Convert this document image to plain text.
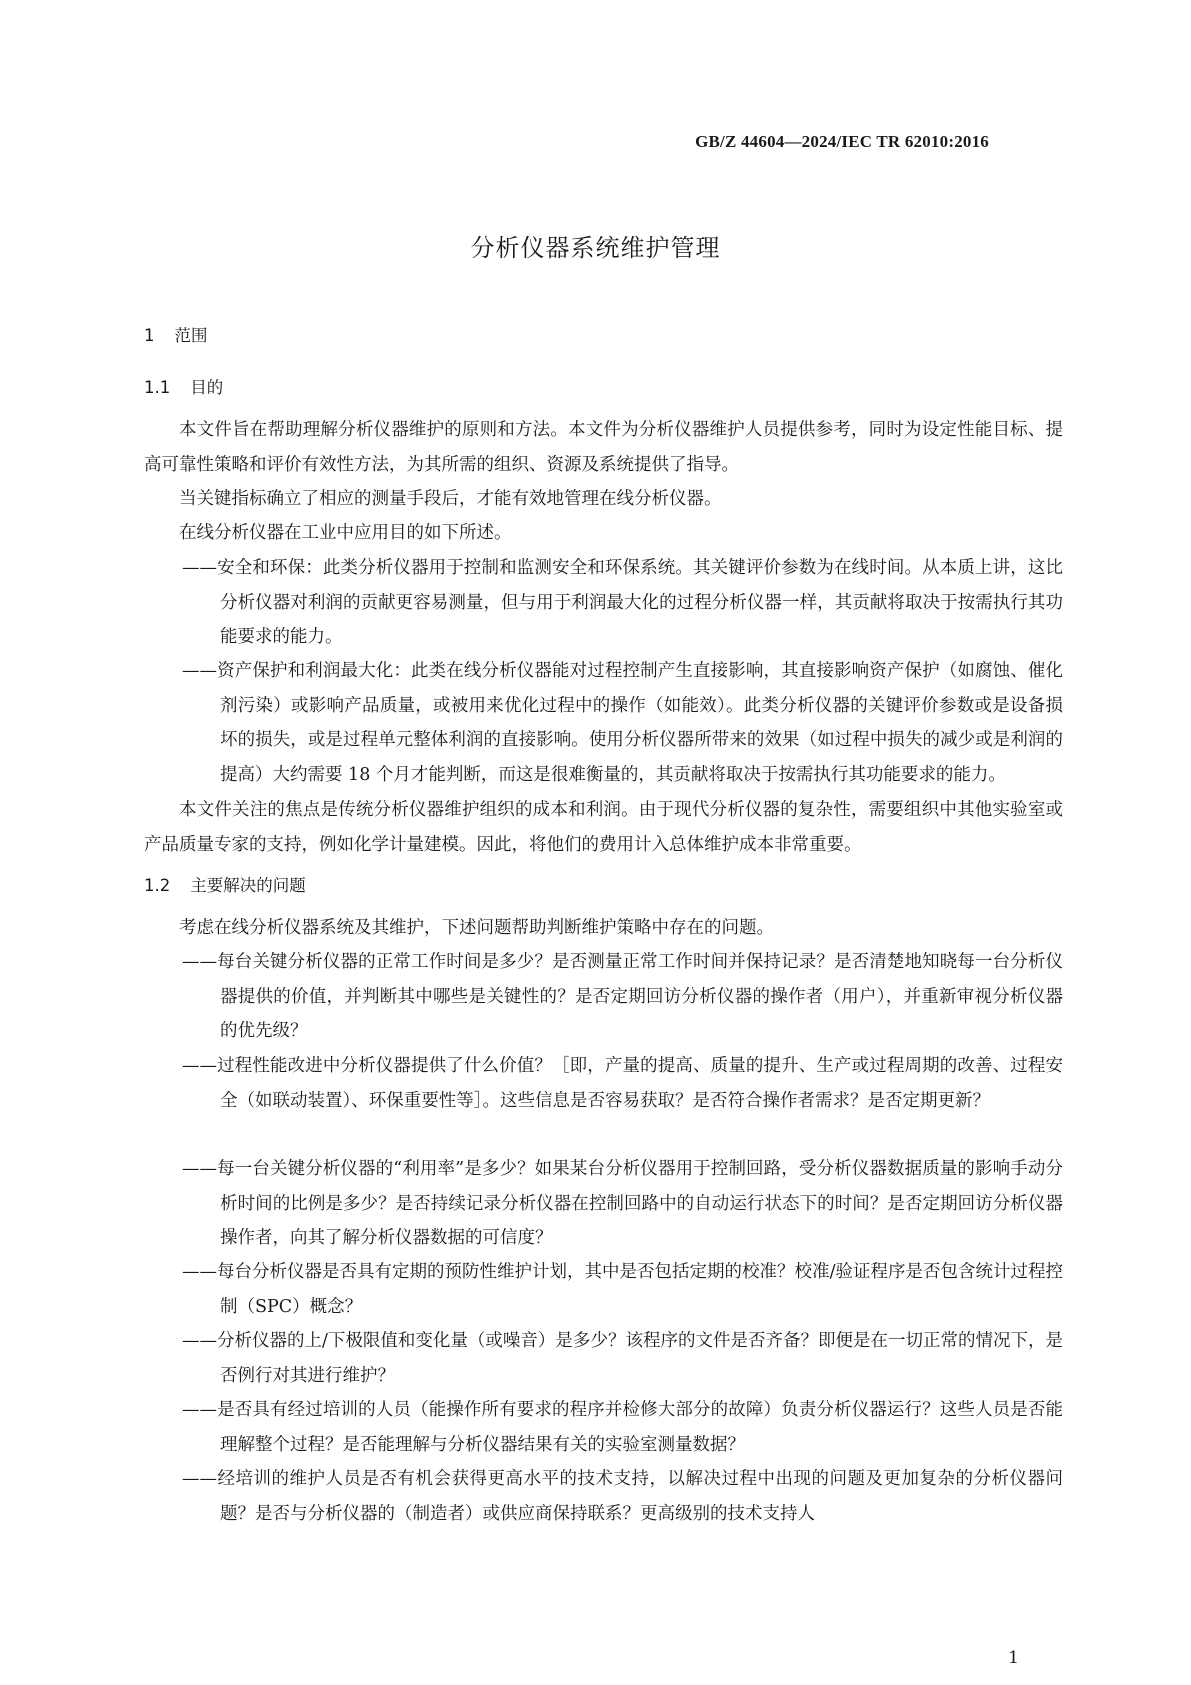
GB/Z 44604—2024/IEC TR 62010:2016
分析仪器系统维护管理
1 范围
1.1 目的
本文件旨在帮助理解分析仪器维护的原则和方法。本文件为分析仪器维护人员提供参考，同时为设定性能目标、提高可靠性策略和评价有效性方法，为其所需的组织、资源及系统提供了指导。
当关键指标确立了相应的测量手段后，才能有效地管理在线分析仪器。
在线分析仪器在工业中应用目的如下所述。
——安全和环保：此类分析仪器用于控制和监测安全和环保系统。其关键评价参数为在线时间。从本质上讲，这比分析仪器对利润的贡献更容易测量，但与用于利润最大化的过程分析仪器一样，其贡献将取决于按需执行其功能要求的能力。
——资产保护和利润最大化：此类在线分析仪器能对过程控制产生直接影响，其直接影响资产保护（如腐蚀、催化剂污染）或影响产品质量，或被用来优化过程中的操作（如能效）。此类分析仪器的关键评价参数或是设备损坏的损失，或是过程单元整体利润的直接影响。使用分析仪器所带来的效果（如过程中损失的减少或是利润的提高）大约需要 18 个月才能判断，而这是很难衡量的，其贡献将取决于按需执行其功能要求的能力。
本文件关注的焦点是传统分析仪器维护组织的成本和利润。由于现代分析仪器的复杂性，需要组织中其他实验室或产品质量专家的支持，例如化学计量建模。因此，将他们的费用计入总体维护成本非常重要。
1.2 主要解决的问题
考虑在线分析仪器系统及其维护，下述问题帮助判断维护策略中存在的问题。
——每台关键分析仪器的正常工作时间是多少？是否测量正常工作时间并保持记录？是否清楚地知晓每一台分析仪器提供的价值，并判断其中哪些是关键性的？是否定期回访分析仪器的操作者（用户），并重新审视分析仪器的优先级？
——过程性能改进中分析仪器提供了什么价值？［即，产量的提高、质量的提升、生产或过程周期的改善、过程安全（如联动装置）、环保重要性等］。这些信息是否容易获取？是否符合操作者需求？是否定期更新？
——每一台关键分析仪器的“利用率”是多少？如果某台分析仪器用于控制回路，受分析仪器数据质量的影响手动分析时间的比例是多少？是否持续记录分析仪器在控制回路中的自动运行状态下的时间？是否定期回访分析仪器操作者，向其了解分析仪器数据的可信度？
——每台分析仪器是否具有定期的预防性维护计划，其中是否包括定期的校准？校准/验证程序是否包含统计过程控制（SPC）概念？
——分析仪器的上/下极限值和变化量（或噪音）是多少？该程序的文件是否齐备？即便是在一切正常的情况下，是否例行对其进行维护？
——是否具有经过培训的人员（能操作所有要求的程序并检修大部分的故障）负责分析仪器运行？这些人员是否能理解整个过程？是否能理解与分析仪器结果有关的实验室测量数据？
——经培训的维护人员是否有机会获得更高水平的技术支持，以解决过程中出现的问题及更加复杂的分析仪器问题？是否与分析仪器的（制造者）或供应商保持联系？更高级别的技术支持人
1
